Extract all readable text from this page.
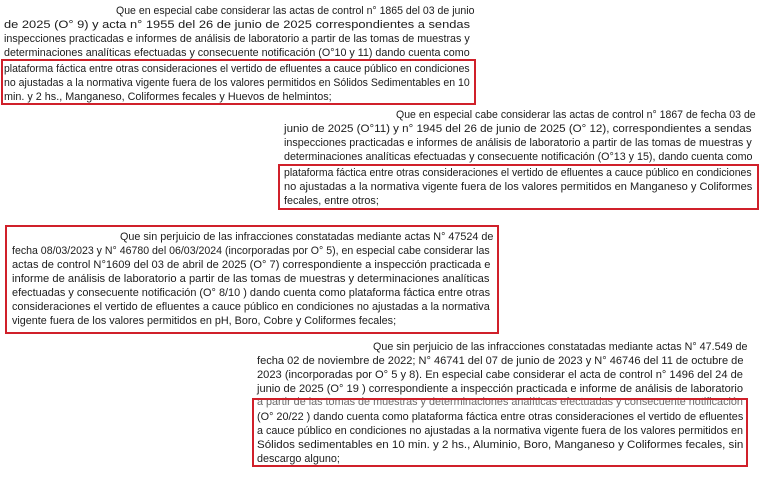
Que en especial cabe considerar las actas de control n° 1865 del 03 de junio
de 2025 (O° 9) y acta n° 1955 del 26 de junio de 2025 correspondientes a sendas
inspecciones practicadas e informes de análisis de laboratorio a partir de las tomas de muestras y
determinaciones analíticas efectuadas y consecuente notificación (O°10 y 11) dando cuenta como
plataforma fáctica entre otras consideraciones el vertido de efluentes a cauce público en condiciones
no ajustadas a la normativa vigente fuera de los valores permitidos en Sólidos Sedimentables en 10
min. y 2 hs., Manganeso, Coliformes fecales y Huevos de helmintos;
Que en especial cabe considerar las actas de control n° 1867 de fecha 03 de
junio de 2025 (O°11) y n° 1945 del 26 de junio de 2025 (O° 12), correspondientes a sendas
inspecciones practicadas e informes de análisis de laboratorio a partir de las tomas de muestras y
determinaciones analíticas efectuadas y consecuente notificación (O°13 y 15), dando cuenta como
plataforma fáctica entre otras consideraciones el vertido de efluentes a cauce público en condiciones
no ajustadas a la normativa vigente fuera de los valores permitidos en Manganeso y Coliformes
fecales, entre otros;
Que sin perjuicio de las infracciones constatadas mediante actas N° 47524 de
fecha 08/03/2023 y N° 46780 del 06/03/2024 (incorporadas por O° 5), en especial cabe considerar las
actas de control N°1609 del 03 de abril de 2025 (O° 7) correspondiente a inspección practicada e
informe de análisis de laboratorio a partir de las tomas de muestras y determinaciones analíticas
efectuadas y consecuente notificación (O° 8/10 ) dando cuenta como plataforma fáctica entre otras
consideraciones el vertido de efluentes a cauce público en condiciones no ajustadas a la normativa
vigente fuera de los valores permitidos en pH, Boro, Cobre y Coliformes fecales;
Que sin perjuicio de las infracciones constatadas mediante actas N° 47.549 de
fecha 02 de noviembre de 2022; N° 46741 del 07 de junio de 2023 y N° 46746 del 11 de octubre de
2023 (incorporadas por O° 5 y 8). En especial cabe considerar el acta de control n° 1496 del 24 de
junio de 2025 (O° 19 ) correspondiente a inspección practicada e informe de análisis de laboratorio
a partir de las tomas de muestras y determinaciones analíticas efectuadas y consecuente notificación
(O° 20/22 ) dando cuenta como plataforma fáctica entre otras consideraciones el vertido de efluentes
a cauce público en condiciones no ajustadas a la normativa vigente fuera de los valores permitidos en
Sólidos sedimentables en 10 min. y 2 hs., Aluminio, Boro, Manganeso y Coliformes fecales, sin
descargo alguno;
